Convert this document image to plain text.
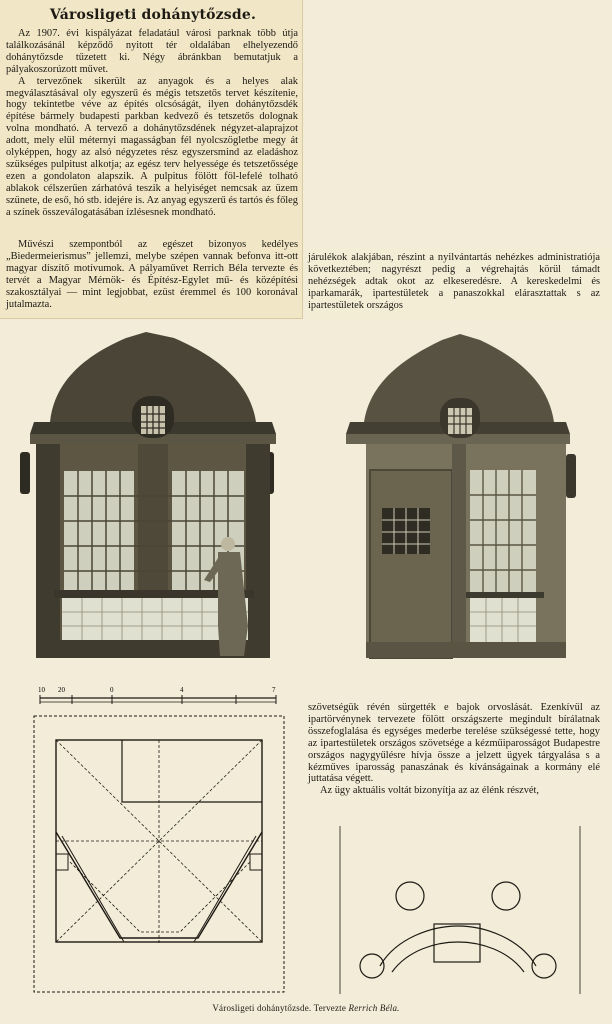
Városligeti dohánytőzsde.

Az 1907. évi kispályázat feladatául városi parknak több útja találkozásánál képződő nyitott tér oldalában elhelyezendő dohánytőzsde tűzetett ki. Négy ábránkban bemutatjuk a pályakoszorúzott művet.

A tervezőnek sikerült az anyagok és a helyes alak megválasztásával oly egyszerű és mégis tetszetős tervet készítenie, hogy tekintetbe véve az építés olcsóságát, ilyen dohánytőzsdék építése bármely budapesti parkban kedvező és tetszetős dolognak volna mondható. A tervező a dohánytőzsdének négyzet-alaprajzot adott, mely elül méternyi magasságban fél nyolcszögletbe megy át olyképpen, hogy az alsó négyzetes rész egyszersmind az eladáshoz szükséges pulpitust alkotja; az egész terv helyessége és tetszetőssége ezen a gondolaton alapszik. A pulpitus fölött föl-lefelé tolható ablakok célszerűen zárhatóvá teszik a helyiséget nemcsak az üzem szünete, de eső, hó stb. idejére is. Az anyag egyszerű és tartós és főleg a színek összeválogatásában ízlésesnek mondható.

Művészi szempontból az egészet bizonyos kedélyes „Biedermeierismus” jellemzi, melybe szépen vannak befonva itt-ott magyar díszítő motívumok. A pályaművet Rerrich Béla tervezte és tervét a Magyar Mérnök- és Építész-Egylet mű- és középítési szakosztályai — mint legjobbat, ezüst éremmel és 100 koronával jutalmazta.

járulékok alakjában, részint a nyilvántartás nehézkes administratiója következtében; nagyrészt pedig a végrehajtás körül támadt nehézségek adtak okot az elkeseredésre. A kereskedelmi és iparkamarák, ipartestületek a panaszokkal elárasztattak s az ipartestületek országos

10 20	0	4	7

szövetségük révén sürgették e bajok orvoslását. Ezenkívül az ipartörvénynek tervezete fölött országszerte megindult bírálatnak összefoglalása és egységes mederbe terelése szükségessé tette, hogy az ipartestületek országos szövetsége a kézműiparosságot Budapestre országos nagygyűlésre hívja össze a jelzett ügyek tárgyalása s a kézműves iparosság panaszának és kívánságainak a kormány elé juttatása végett.

Az ügy aktuális voltát bizonyítja az az élénk részvét,

Városligeti dohánytőzsde. Tervezte Rerrich Béla.
